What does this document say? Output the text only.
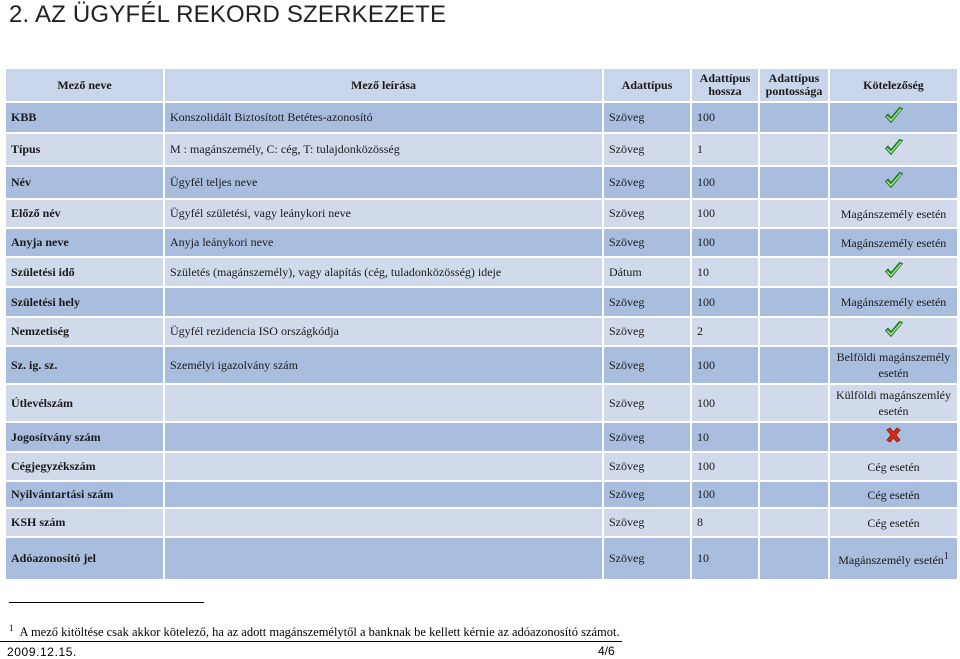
2. AZ ÜGYFÉL REKORD SZERKEZETE
Mező neve	Mező leírása	Adattípus	Adattípus hossza	Adattípus pontossága	Kötelezőség
KBB	Konszolidált Biztosított Betétes-azonosító	Szöveg	100		
Típus	M : magánszemély, C: cég, T: tulajdonközösség	Szöveg	1		
Név	Ügyfél teljes neve	Szöveg	100		
Előző név	Ügyfél születési, vagy leánykori neve	Szöveg	100		Magánszemély esetén
Anyja neve	Anyja leánykori neve	Szöveg	100		Magánszemély esetén
Születési idő	Születés (magánszemély), vagy alapítás (cég, tuladonközösség) ideje	Dátum	10		
Születési hely		Szöveg	100		Magánszemély esetén
Nemzetiség	Ügyfél rezidencia ISO országkódja	Szöveg	2		
Sz. ig. sz.	Személyi igazolvány szám	Szöveg	100		Belföldi magánszemély esetén
Útlevélszám		Szöveg	100		Külföldi magánszemléy esetén
Jogosítvány szám		Szöveg	10		
Cégjegyzékszám		Szöveg	100		Cég esetén
Nyilvántartási szám		Szöveg	100		Cég esetén
KSH szám		Szöveg	8		Cég esetén
Adóazonosító jel		Szöveg	10		Magánszemély esetén$^1$
$^1$ A mező kitöltése csak akkor kötelező, ha az adott magánszemélytől a banknak be kellett kérnie az adóazonosító számot.
2009.12.15.	4/6
